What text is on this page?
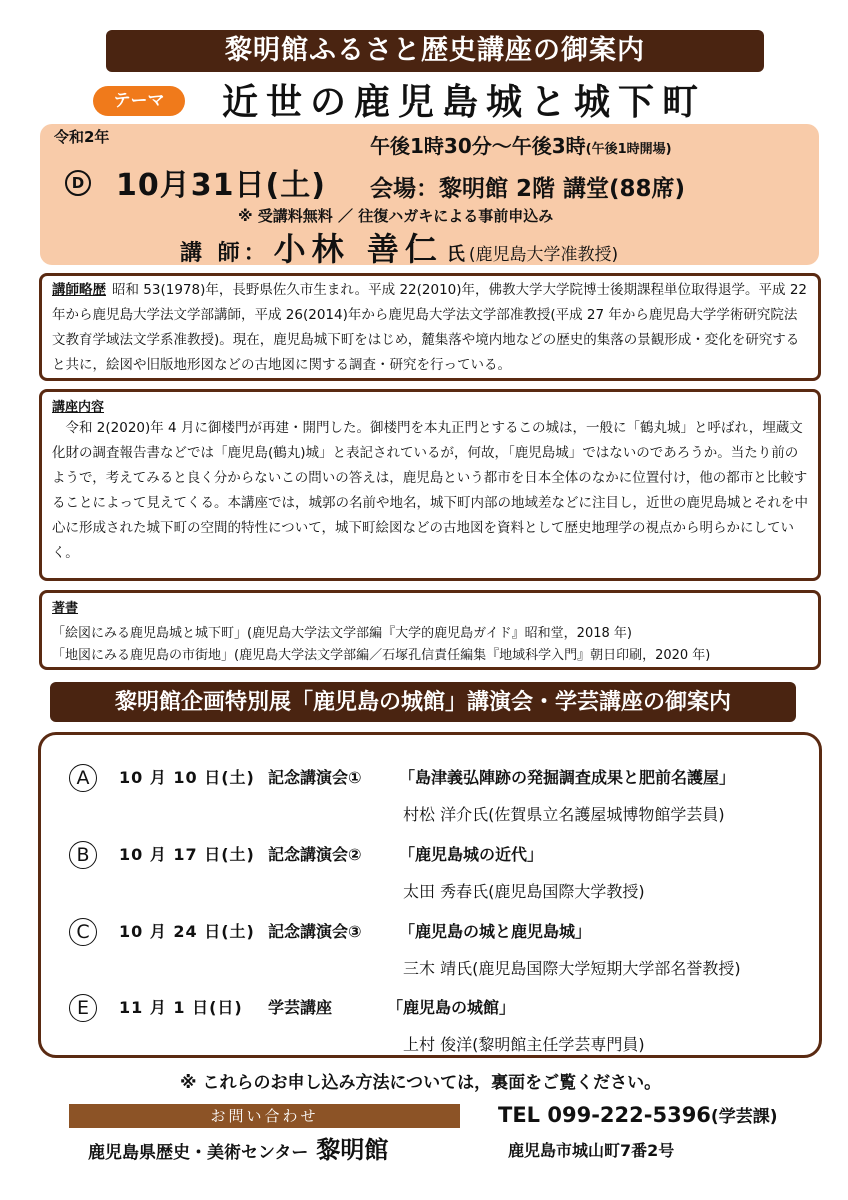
黎明館ふるさと歴史講座の御案内
テーマ	近世の鹿児島城と城下町
令和2年
D 10月31日(土)
午後1時30分～午後3時(午後1時開場)
会場：黎明館 2階 講堂(88席)
※ 受講料無料 ／ 往復ハガキによる事前申込み
講 師： 小林 善仁 氏 (鹿児島大学准教授)
講師略歴 昭和 53(1978)年，長野県佐久市生まれ。平成 22(2010)年，佛教大学大学院博士後期課程単位取得退学。平成 22 年から鹿児島大学法文学部講師，平成 26(2014)年から鹿児島大学法文学部准教授(平成 27 年から鹿児島大学学術研究院法文教育学域法文学系准教授)。現在，鹿児島城下町をはじめ，麓集落や境内地などの歴史的集落の景観形成・変化を研究すると共に，絵図や旧版地形図などの古地図に関する調査・研究を行っている。
講座内容
令和 2(2020)年 4 月に御楼門が再建・開門した。御楼門を本丸正門とするこの城は，一般に「鶴丸城」と呼ばれ，埋蔵文化財の調査報告書などでは「鹿児島(鶴丸)城」と表記されているが，何故，「鹿児島城」ではないのであろうか。当たり前のようで，考えてみると良く分からないこの問いの答えは，鹿児島という都市を日本全体のなかに位置付け，他の都市と比較することによって見えてくる。本講座では，城郭の名前や地名，城下町内部の地域差などに注目し，近世の鹿児島城とそれを中心に形成された城下町の空間的特性について，城下町絵図などの古地図を資料として歴史地理学の視点から明らかにしていく。
著書
「絵図にみる鹿児島城と城下町」(鹿児島大学法文学部編『大学的鹿児島ガイド』昭和堂，2018 年)
「地図にみる鹿児島の市街地」(鹿児島大学法文学部編／石塚孔信責任編集『地域科学入門』朝日印刷，2020 年)
黎明館企画特別展「鹿児島の城館」講演会・学芸講座の御案内
A	10 月 10 日(土) 記念講演会① 「島津義弘陣跡の発掘調査成果と肥前名護屋」
村松 洋介氏(佐賀県立名護屋城博物館学芸員)
B	10 月 17 日(土) 記念講演会② 「鹿児島城の近代」
太田 秀春氏(鹿児島国際大学教授)
C	10 月 24 日(土) 記念講演会③ 「鹿児島の城と鹿児島城」
三木 靖氏(鹿児島国際大学短期大学部名誉教授)
E	11 月 1 日(日) 学芸講座	「鹿児島の城館」
上村 俊洋(黎明館主任学芸専門員)
※ これらのお申し込み方法については，裏面をご覧ください。
お問い合わせ
鹿児島県歴史・美術センター 黎明館
TEL 099-222-5396(学芸課)
鹿児島市城山町7番2号
